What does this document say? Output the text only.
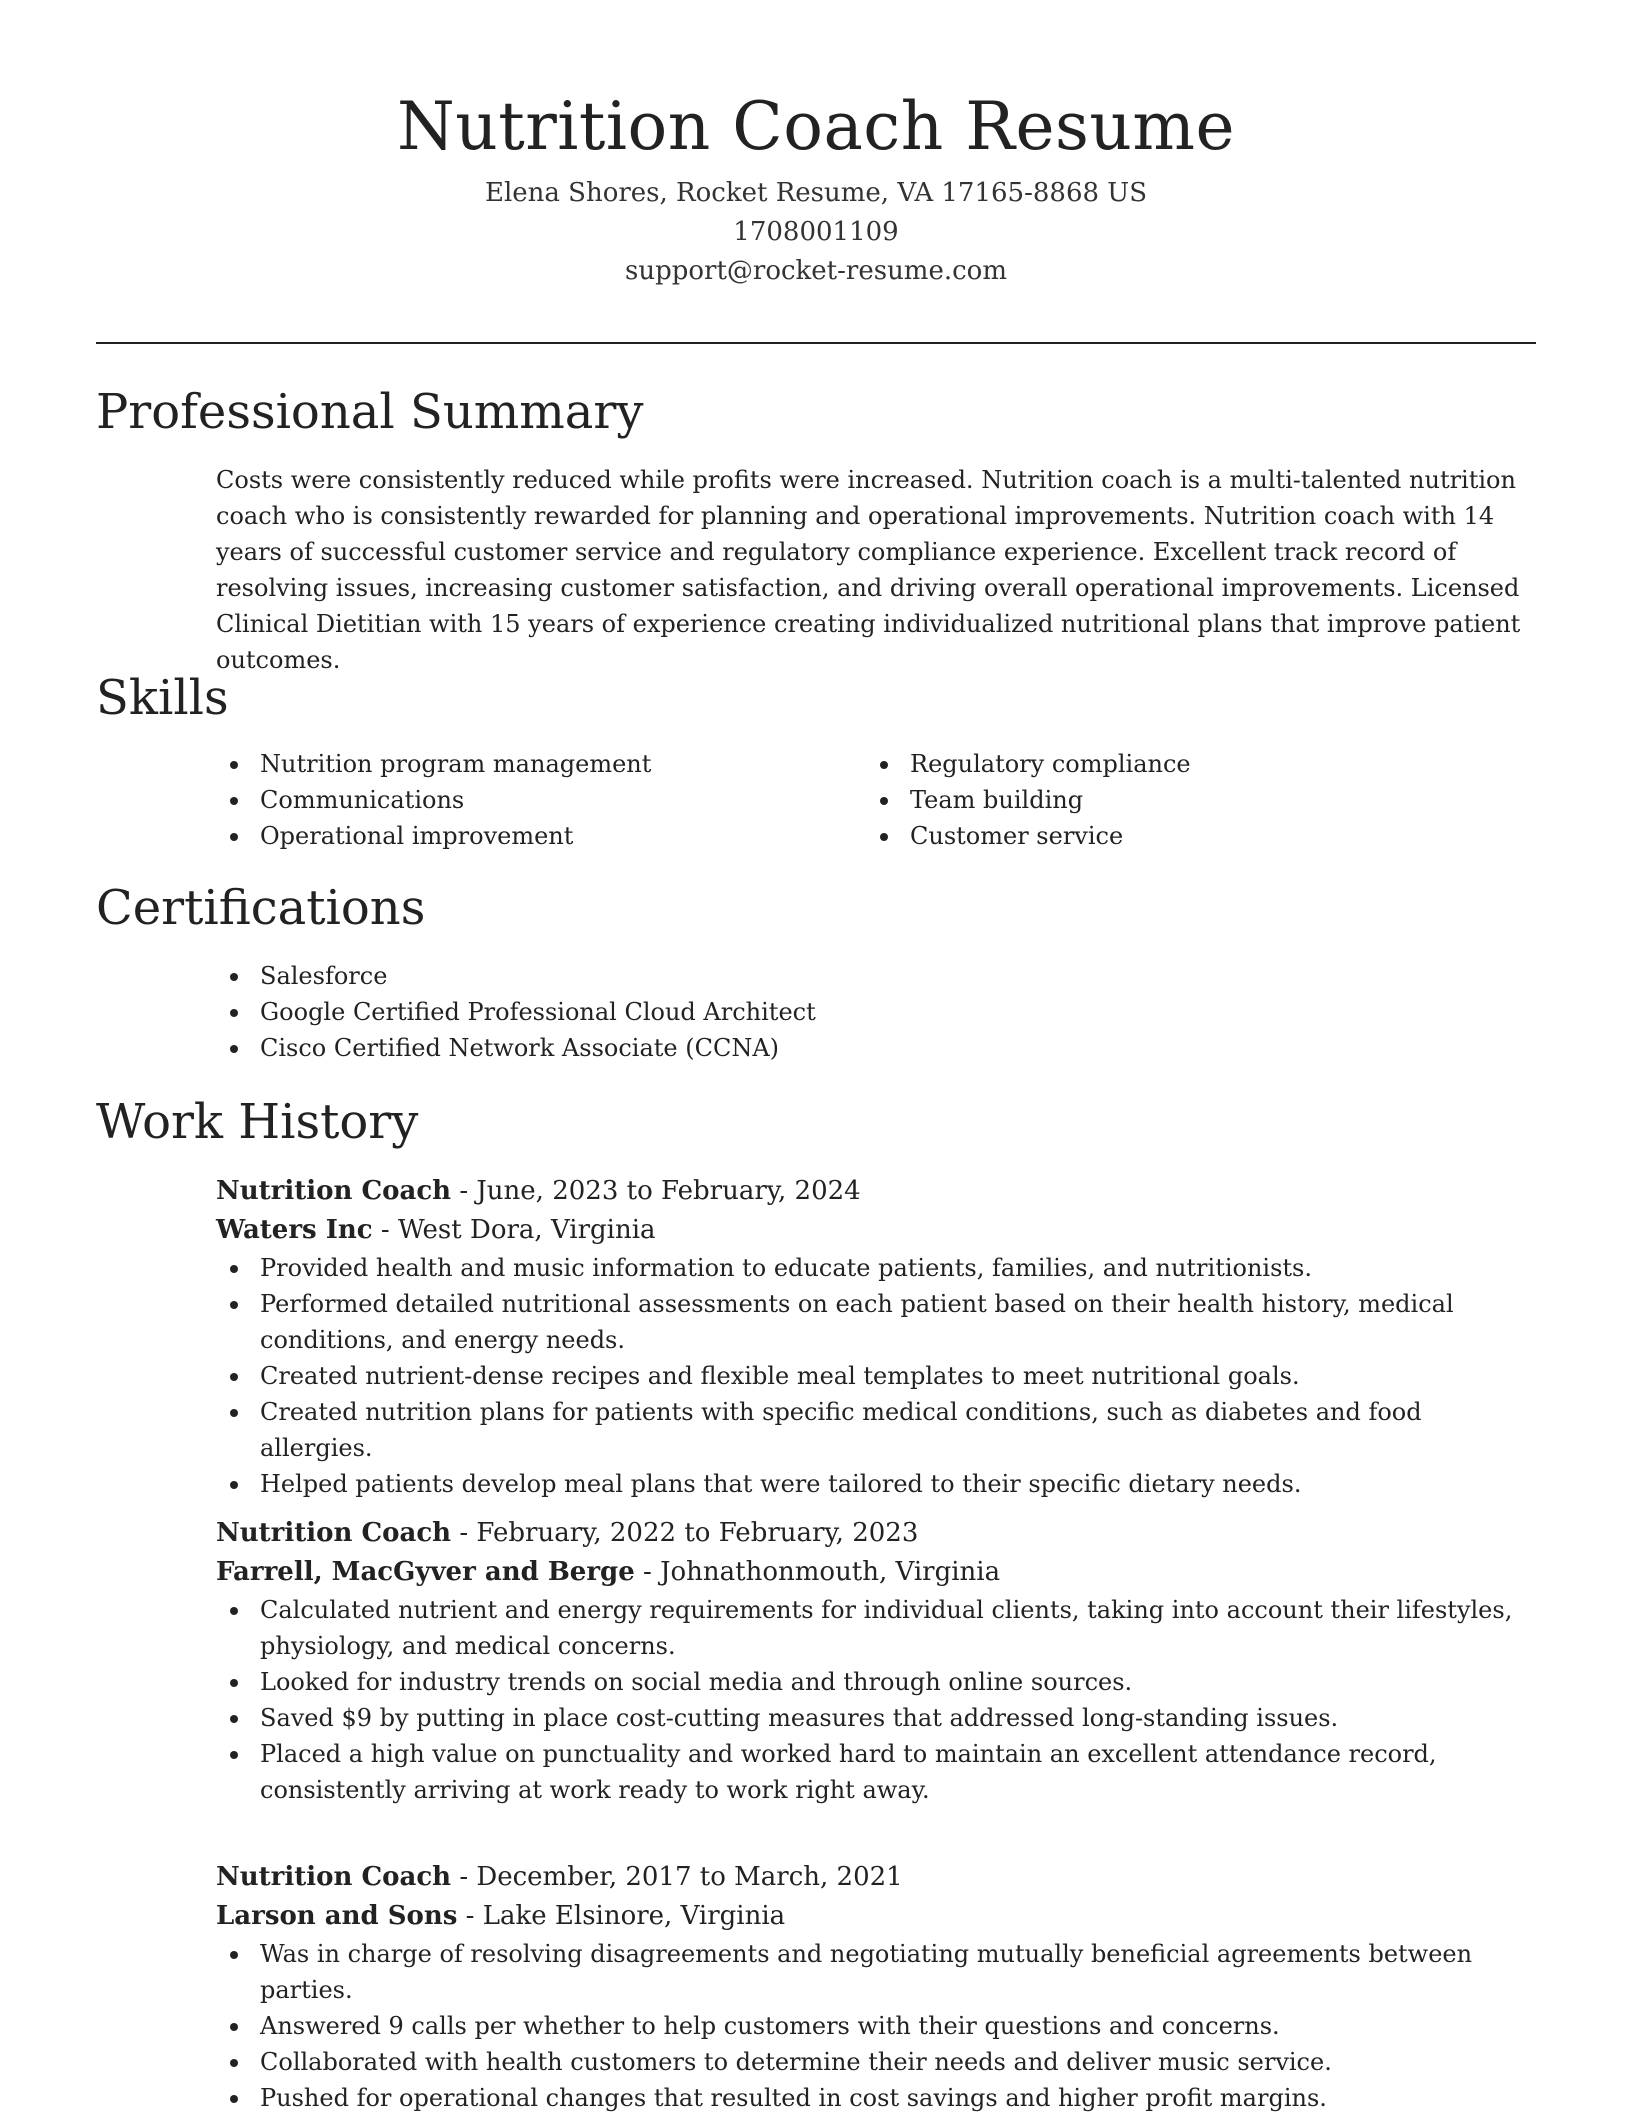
Nutrition Coach Resume
Elena Shores, Rocket Resume, VA 17165-8868 US
1708001109
support@rocket-resume.com
Professional Summary

Costs were consistently reduced while profits were increased. Nutrition coach is a multi-talented nutrition coach who is consistently rewarded for planning and operational improvements. Nutrition coach with 14 years of successful customer service and regulatory compliance experience. Excellent track record of resolving issues, increasing customer satisfaction, and driving overall operational improvements. Licensed Clinical Dietitian with 15 years of experience creating individualized nutritional plans that improve patient outcomes.

Skills
Nutrition program management
Communications
Operational improvement
Regulatory compliance
Team building
Customer service
Certifications
Salesforce
Google Certified Professional Cloud Architect
Cisco Certified Network Associate (CCNA)
Work History
Nutrition Coach - June, 2023 to February, 2024
Waters Inc - West Dora, Virginia
Provided health and music information to educate patients, families, and nutritionists.
Performed detailed nutritional assessments on each patient based on their health history, medical conditions, and energy needs.
Created nutrient-dense recipes and flexible meal templates to meet nutritional goals.
Created nutrition plans for patients with specific medical conditions, such as diabetes and food allergies.
Helped patients develop meal plans that were tailored to their specific dietary needs.
Nutrition Coach - February, 2022 to February, 2023
Farrell, MacGyver and Berge - Johnathonmouth, Virginia
Calculated nutrient and energy requirements for individual clients, taking into account their lifestyles, physiology, and medical concerns.
Looked for industry trends on social media and through online sources.
Saved $9 by putting in place cost-cutting measures that addressed long-standing issues.
Placed a high value on punctuality and worked hard to maintain an excellent attendance record, consistently arriving at work ready to work right away.
Nutrition Coach - December, 2017 to March, 2021
Larson and Sons - Lake Elsinore, Virginia
Was in charge of resolving disagreements and negotiating mutually beneficial agreements between parties.
Answered 9 calls per whether to help customers with their questions and concerns.
Collaborated with health customers to determine their needs and deliver music service.
Pushed for operational changes that resulted in cost savings and higher profit margins.
